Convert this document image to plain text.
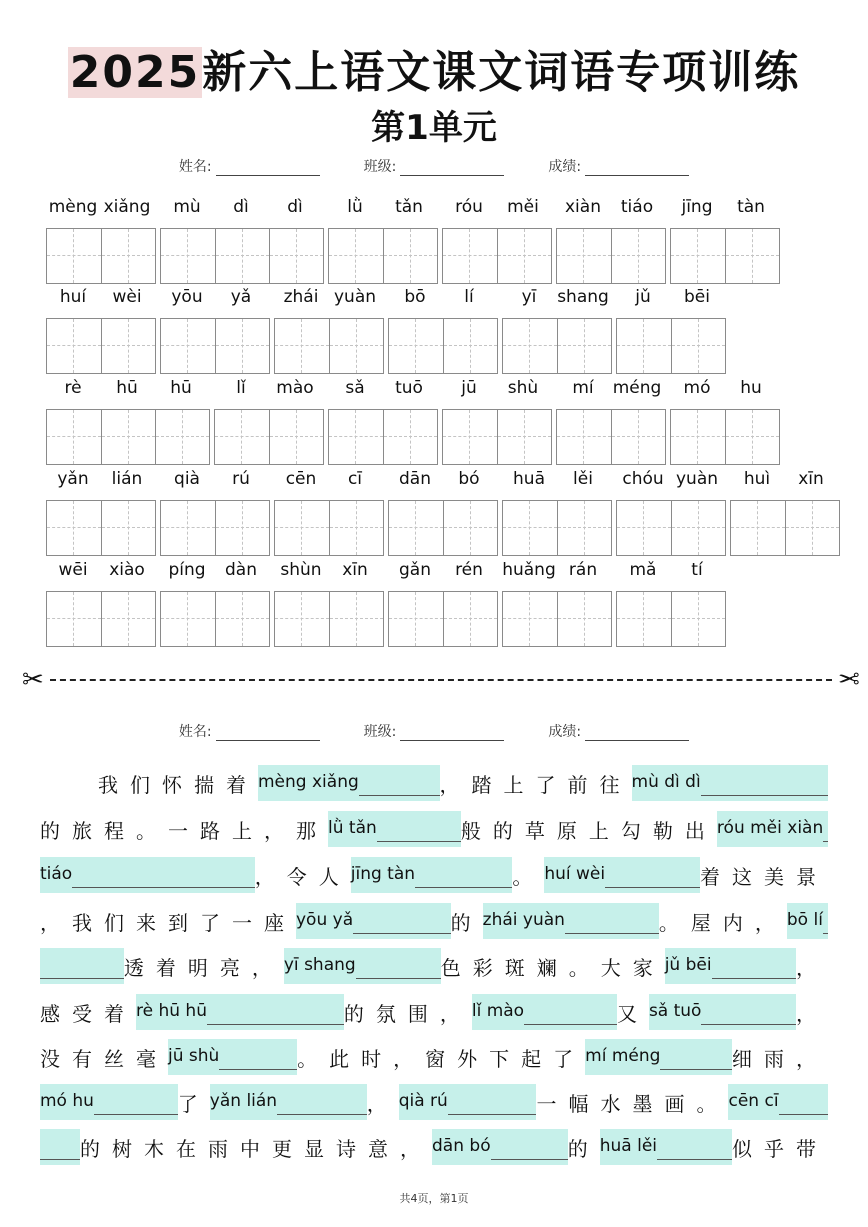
2025新六上语文课文词语专项训练
第1单元
姓名:	班级:	成绩:
mèng xiǎng	mù	dì	dì	lǜ	tǎn	róu	měi	xiàn	tiáo	jīng	tàn
huí	wèi	yōu	yǎ	zhái yuàn	bō	lí	yī	shang	jǔ	bēi
rè	hū	hū	lǐ	mào	sǎ	tuō	jū	shù	mí	méng	mó	hu
yǎn	lián	qià	rú	cēn	cī	dān	bó	huā	lěi	chóu yuàn	huì	xīn
wēi	xiào	píng	dàn	shùn	xīn	gǎn	rén	huǎng rán	mǎ	tí
✂	✂
姓名:	班级:	成绩:
我们怀揣着 mèng xiǎng	，踏上了前往 mù dì dì
的旅程。一路上，那 lǜ tǎn	般的草原上勾勒出 róu měi xiàn
tiáo	，令人 jīng tàn	。 huí wèi	着这美景
，我们来到了一座 yōu yǎ	的 zhái yuàn	。屋内， bō lí
透着明亮， yī shang	色彩斑斓。大家 jǔ bēi	，
感受着 rè hū hū	的氛围， lǐ mào	又 sǎ tuō	，
没有丝毫 jū shù	。此时，窗外下起了 mí méng	细雨，
mó hu	了 yǎn lián	， qià rú	一幅水墨画。 cēn cī
的树木在雨中更显诗意， dān bó	的 huā lěi	似乎带
共4页，第1页
